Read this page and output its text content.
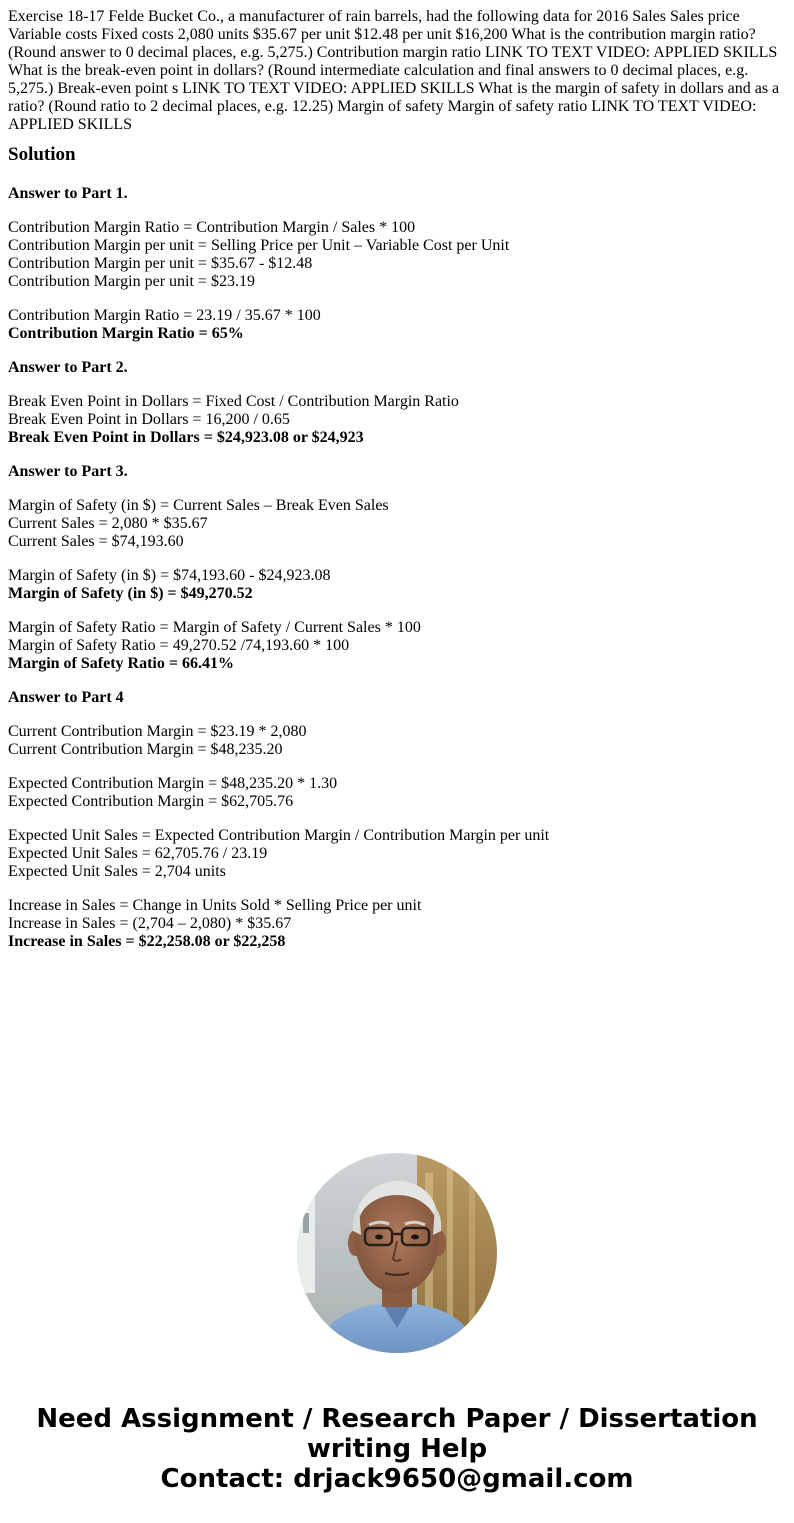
Exercise 18-17 Felde Bucket Co., a manufacturer of rain barrels, had the following data for 2016 Sales Sales price Variable costs Fixed costs 2,080 units $35.67 per unit $12.48 per unit $16,200 What is the contribution margin ratio? (Round answer to 0 decimal places, e.g. 5,275.) Contribution margin ratio LINK TO TEXT VIDEO: APPLIED SKILLS What is the break-even point in dollars? (Round intermediate calculation and final answers to 0 decimal places, e.g. 5,275.) Break-even point s LINK TO TEXT VIDEO: APPLIED SKILLS What is the margin of safety in dollars and as a ratio? (Round ratio to 2 decimal places, e.g. 12.25) Margin of safety Margin of safety ratio LINK TO TEXT VIDEO: APPLIED SKILLS

Solution
Answer to Part 1.
Contribution Margin Ratio = Contribution Margin / Sales * 100
Contribution Margin per unit = Selling Price per Unit – Variable Cost per Unit
Contribution Margin per unit = $35.67 - $12.48
Contribution Margin per unit = $23.19
Contribution Margin Ratio = 23.19 / 35.67 * 100
Contribution Margin Ratio = 65%
Answer to Part 2.
Break Even Point in Dollars = Fixed Cost / Contribution Margin Ratio
Break Even Point in Dollars = 16,200 / 0.65
Break Even Point in Dollars = $24,923.08 or $24,923
Answer to Part 3.
Margin of Safety (in $) = Current Sales – Break Even Sales
Current Sales = 2,080 * $35.67
Current Sales = $74,193.60
Margin of Safety (in $) = $74,193.60 - $24,923.08
Margin of Safety (in $) = $49,270.52
Margin of Safety Ratio = Margin of Safety / Current Sales * 100
Margin of Safety Ratio = 49,270.52 /74,193.60 * 100
Margin of Safety Ratio = 66.41%
Answer to Part 4
Current Contribution Margin = $23.19 * 2,080
Current Contribution Margin = $48,235.20
Expected Contribution Margin = $48,235.20 * 1.30
Expected Contribution Margin = $62,705.76
Expected Unit Sales = Expected Contribution Margin / Contribution Margin per unit
Expected Unit Sales = 62,705.76 / 23.19
Expected Unit Sales = 2,704 units
Increase in Sales = Change in Units Sold * Selling Price per unit
Increase in Sales = (2,704 – 2,080) * $35.67
Increase in Sales = $22,258.08 or $22,258
Need Assignment / Research Paper / Dissertation
writing Help
Contact: drjack9650@gmail.com
